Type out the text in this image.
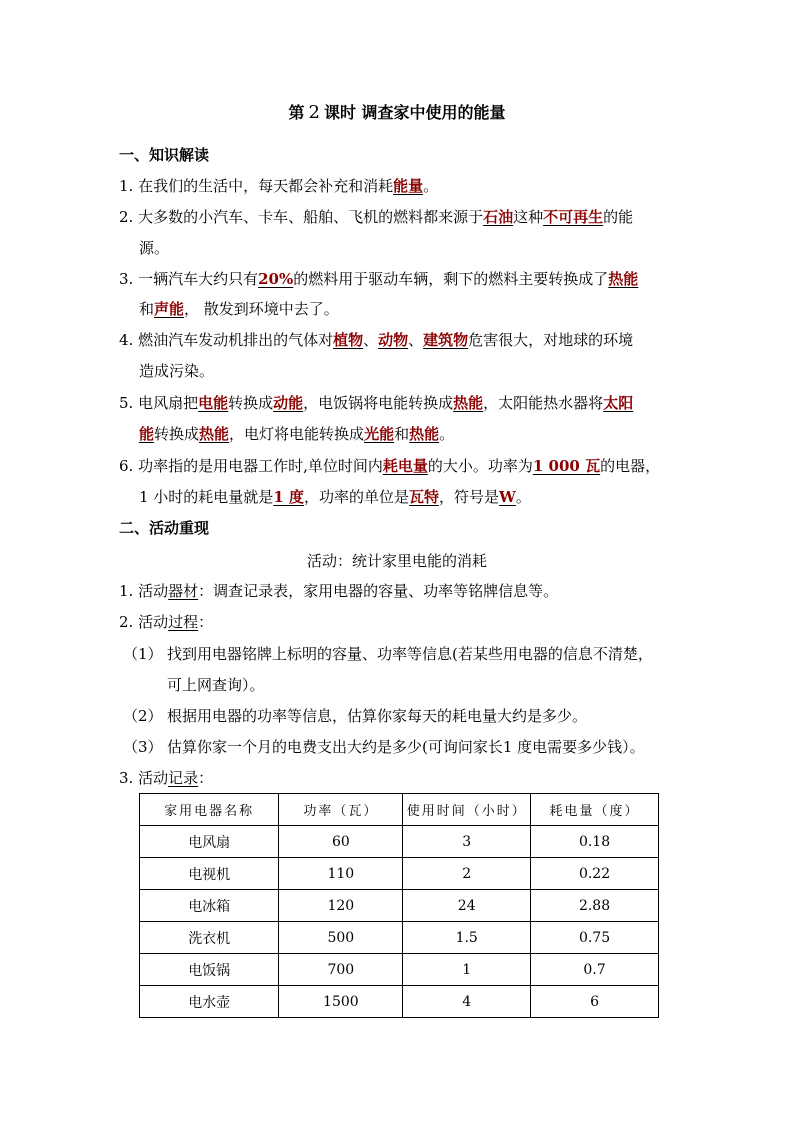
第 2 课时 调查家中使用的能量
一、知识解读
1. 在我们的生活中，每天都会补充和消耗能量。
2. 大多数的小汽车、卡车、船舶、飞机的燃料都来源于石油这种不可再生的能
源。
3. 一辆汽车大约只有20%的燃料用于驱动车辆，剩下的燃料主要转换成了热能
和声能， 散发到环境中去了。
4. 燃油汽车发动机排出的气体对植物、动物、建筑物危害很大，对地球的环境
造成污染。
5. 电风扇把电能转换成动能，电饭锅将电能转换成热能，太阳能热水器将太阳
能转换成热能，电灯将电能转换成光能和热能。
6. 功率指的是用电器工作时,单位时间内耗电量的大小。功率为1 000 瓦的电器，
1 小时的耗电量就是1 度，功率的单位是瓦特，符号是W。
二、活动重现
活动：统计家里电能的消耗
1. 活动器材：调查记录表，家用电器的容量、功率等铭牌信息等。
2. 活动过程：
（1） 找到用电器铭牌上标明的容量、功率等信息(若某些用电器的信息不清楚，
可上网查询）。
（2） 根据用电器的功率等信息，估算你家每天的耗电量大约是多少。
（3） 估算你家一个月的电费支出大约是多少(可询问家长1 度电需要多少钱）。
3. 活动记录：
家用电器名称	功率（瓦）	使用时间（小时）	耗电量（度）
电风扇	60	3	0.18
电视机	110	2	0.22
电冰箱	120	24	2.88
洗衣机	500	1.5	0.75
电饭锅	700	1	0.7
电水壶	1500	4	6
